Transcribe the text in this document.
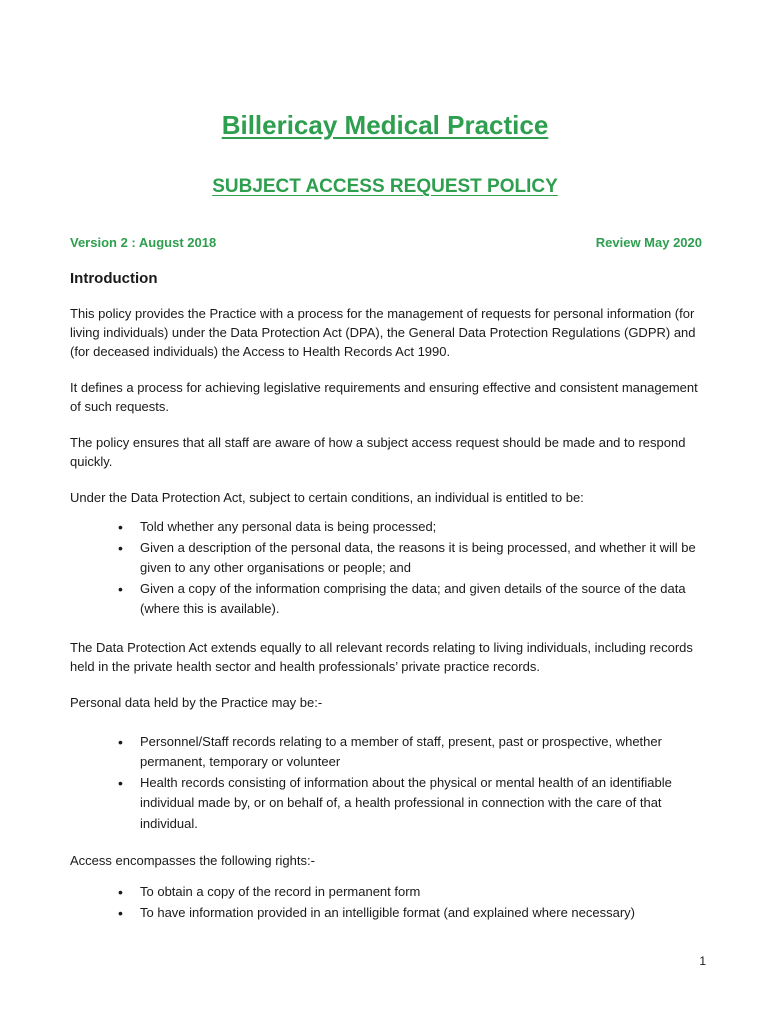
Billericay Medical Practice
SUBJECT ACCESS REQUEST POLICY
Version 2 : August 2018	Review May 2020
Introduction

This policy provides the Practice with a process for the management of requests for personal information (for living individuals) under the Data Protection Act (DPA), the General Data Protection Regulations (GDPR) and (for deceased individuals) the Access to Health Records Act 1990.

It defines a process for achieving legislative requirements and ensuring effective and consistent management of such requests.

The policy ensures that all staff are aware of how a subject access request should be made and to respond quickly.

Under the Data Protection Act, subject to certain conditions, an individual is entitled to be:

• Told whether any personal data is being processed;
• Given a description of the personal data, the reasons it is being processed, and whether it will be given to any other organisations or people; and
• Given a copy of the information comprising the data; and given details of the source of the data (where this is available).

The Data Protection Act extends equally to all relevant records relating to living individuals, including records held in the private health sector and health professionals’ private practice records.

Personal data held by the Practice may be:-

• Personnel/Staff records relating to a member of staff, present, past or prospective, whether permanent, temporary or volunteer
• Health records consisting of information about the physical or mental health of an identifiable individual made by, or on behalf of, a health professional in connection with the care of that individual.

Access encompasses the following rights:-

• To obtain a copy of the record in permanent form
• To have information provided in an intelligible format (and explained where necessary)
1
